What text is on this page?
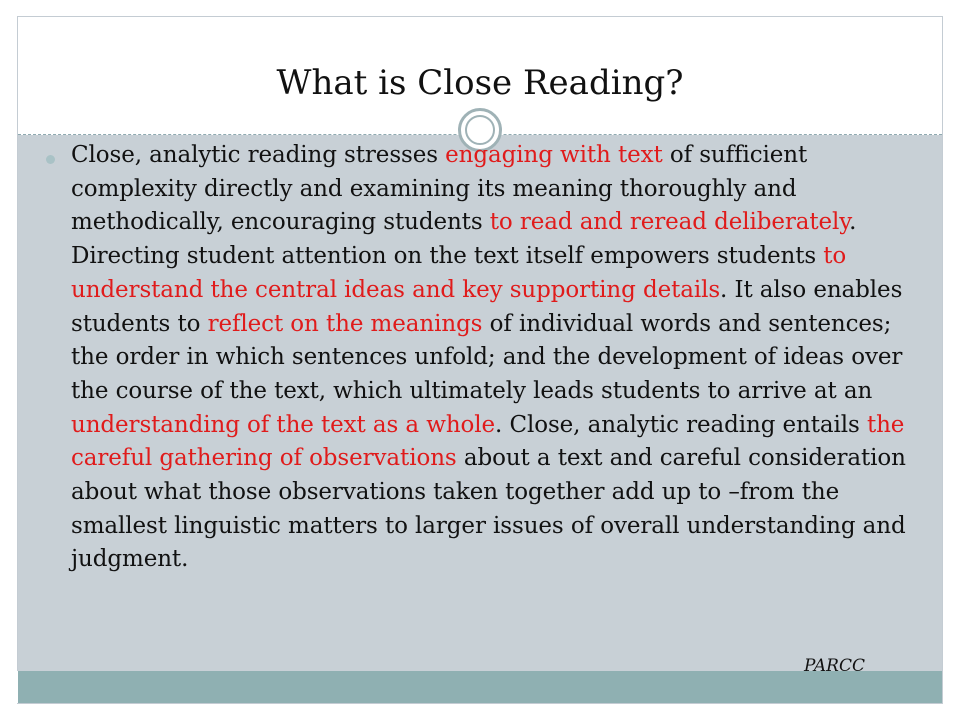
What is Close Reading?
Close, analytic reading stresses engaging with text of sufficient complexity directly and examining its meaning thoroughly and methodically, encouraging students to read and reread deliberately. Directing student attention on the text itself empowers students to understand the central ideas and key supporting details. It also enables students to reflect on the meanings of individual words and sentences; the order in which sentences unfold; and the development of ideas over the course of the text, which ultimately leads students to arrive at an understanding of the text as a whole. Close, analytic reading entails the careful gathering of observations about a text and careful consideration about what those observations taken together add up to –from the smallest linguistic matters to larger issues of overall understanding and judgment.
PARCC
